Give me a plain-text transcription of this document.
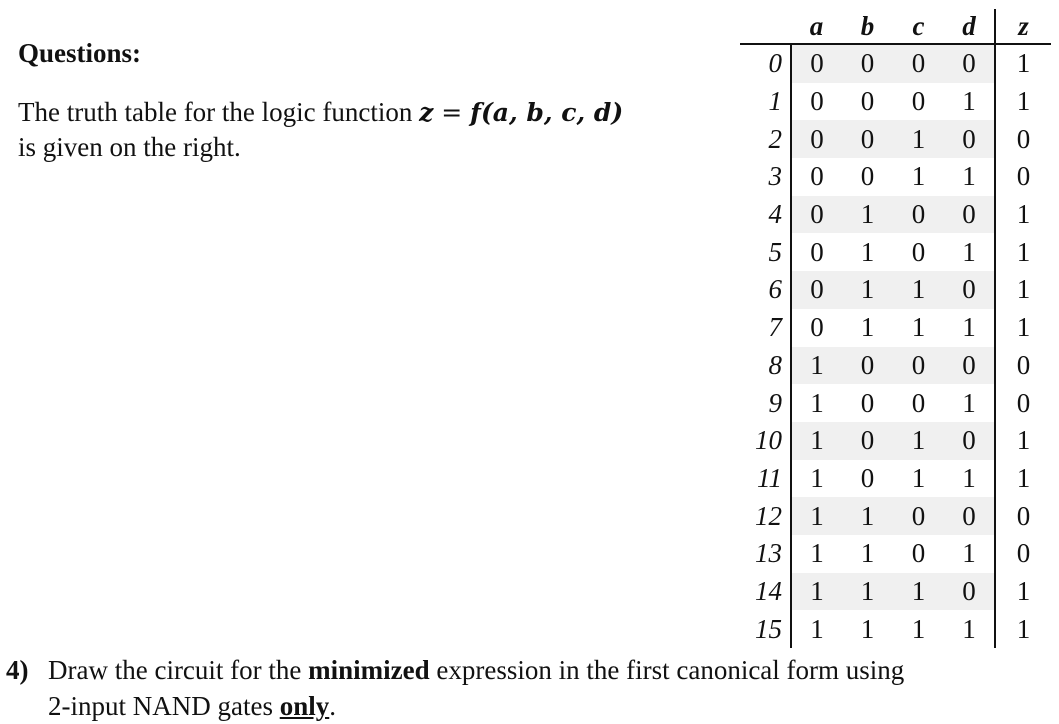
Questions:
The truth table for the logic function z = f(a, b, c, d)
is given on the right.
	a	b	c	d	z
0	0	0	0	0	1
1	0	0	0	1	1
2	0	0	1	0	0
3	0	0	1	1	0
4	0	1	0	0	1
5	0	1	0	1	1
6	0	1	1	0	1
7	0	1	1	1	1
8	1	0	0	0	0
9	1	0	0	1	0
10	1	0	1	0	1
11	1	0	1	1	1
12	1	1	0	0	0
13	1	1	0	1	0
14	1	1	1	0	1
15	1	1	1	1	1
4) Draw the circuit for the minimized expression in the first canonical form using
2-input NAND gates only.
